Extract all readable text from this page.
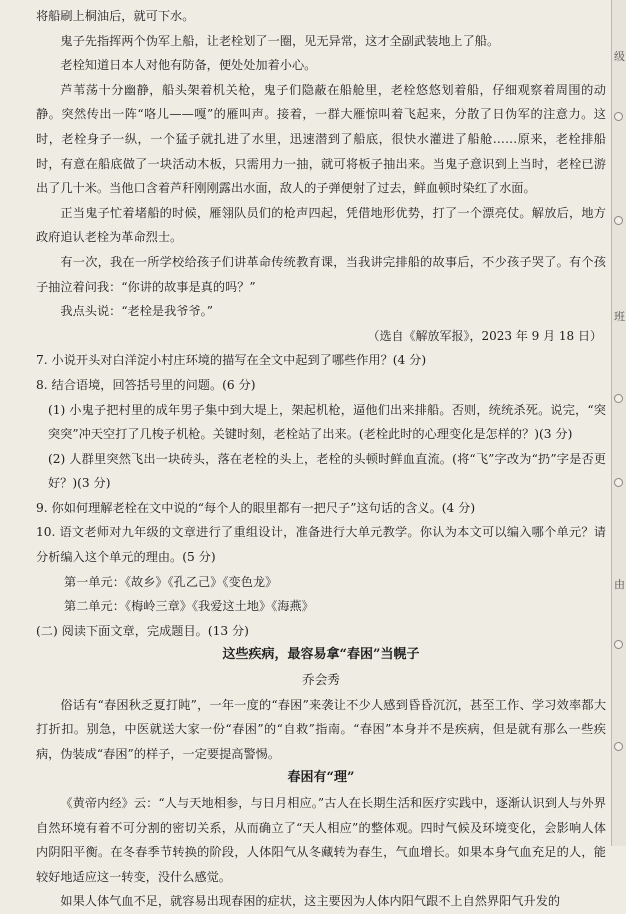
将船刷上桐油后，就可下水。

鬼子先指挥两个伪军上船，让老栓划了一圈，见无异常，这才全副武装地上了船。

老栓知道日本人对他有防备，便处处加着小心。

芦苇荡十分幽静，船头架着机关枪，鬼子们隐蔽在船舱里，老栓悠悠划着船，仔细观察着周围的动静。突然传出一阵“咯儿——嘎”的雁叫声。接着，一群大雁惊叫着飞起来，分散了日伪军的注意力。这时，老栓身子一纵，一个猛子就扎进了水里，迅速潜到了船底，很快水灌进了船舱……原来，老栓排船时，有意在船底做了一块活动木板，只需用力一抽，就可将板子抽出来。当鬼子意识到上当时，老栓已游出了几十米。当他口含着芦秆刚刚露出水面，敌人的子弹便射了过去，鲜血顿时染红了水面。

正当鬼子忙着堵船的时候，雁翎队员们的枪声四起，凭借地形优势，打了一个漂亮仗。解放后，地方政府追认老栓为革命烈士。

有一次，我在一所学校给孩子们讲革命传统教育课，当我讲完排船的故事后，不少孩子哭了。有个孩子抽泣着问我：“你讲的故事是真的吗？”

我点头说：“老栓是我爷爷。”

（选自《解放军报》，2023 年 9 月 18 日）

7. 小说开头对白洋淀小村庄环境的描写在全文中起到了哪些作用？(4 分)

8. 结合语境，回答括号里的问题。(6 分)

(1) 小鬼子把村里的成年男子集中到大堤上，架起机枪，逼他们出来排船。否则，统统杀死。说完，“突突突”冲天空打了几梭子机枪。关键时刻，老栓站了出来。(老栓此时的心理变化是怎样的？)(3 分)

(2) 人群里突然飞出一块砖头，落在老栓的头上，老栓的头顿时鲜血直流。(将“飞”字改为“扔”字是否更好？)(3 分)

9. 你如何理解老栓在文中说的“每个人的眼里都有一把尺子”这句话的含义。(4 分)

10. 语文老师对九年级的文章进行了重组设计，准备进行大单元教学。你认为本文可以编入哪个单元？请分析编入这个单元的理由。(5 分)

第一单元：《故乡》《孔乙己》《变色龙》

第二单元：《梅岭三章》《我爱这土地》《海燕》

(二) 阅读下面文章，完成题目。(13 分)

这些疾病，最容易拿“春困”当幌子

乔会秀

俗话有“春困秋乏夏打盹”，一年一度的“春困”来袭让不少人感到昏昏沉沉，甚至工作、学习效率都大打折扣。别急，中医就送大家一份“春困”的“自救”指南。“春困”本身并不是疾病，但是就有那么一些疾病，伪装成“春困”的样子，一定要提高警惕。

春困有“理”

《黄帝内经》云：“人与天地相参，与日月相应。”古人在长期生活和医疗实践中，逐渐认识到人与外界自然环境有着不可分割的密切关系，从而确立了“天人相应”的整体观。四时气候及环境变化，会影响人体内阴阳平衡。在冬春季节转换的阶段，人体阳气从冬藏转为春生，气血增长。如果本身气血充足的人，能较好地适应这一转变，没什么感觉。

如果人体气血不足，就容易出现春困的症状，这主要因为人体内阳气跟不上自然界阳气升发的

级
班
由
